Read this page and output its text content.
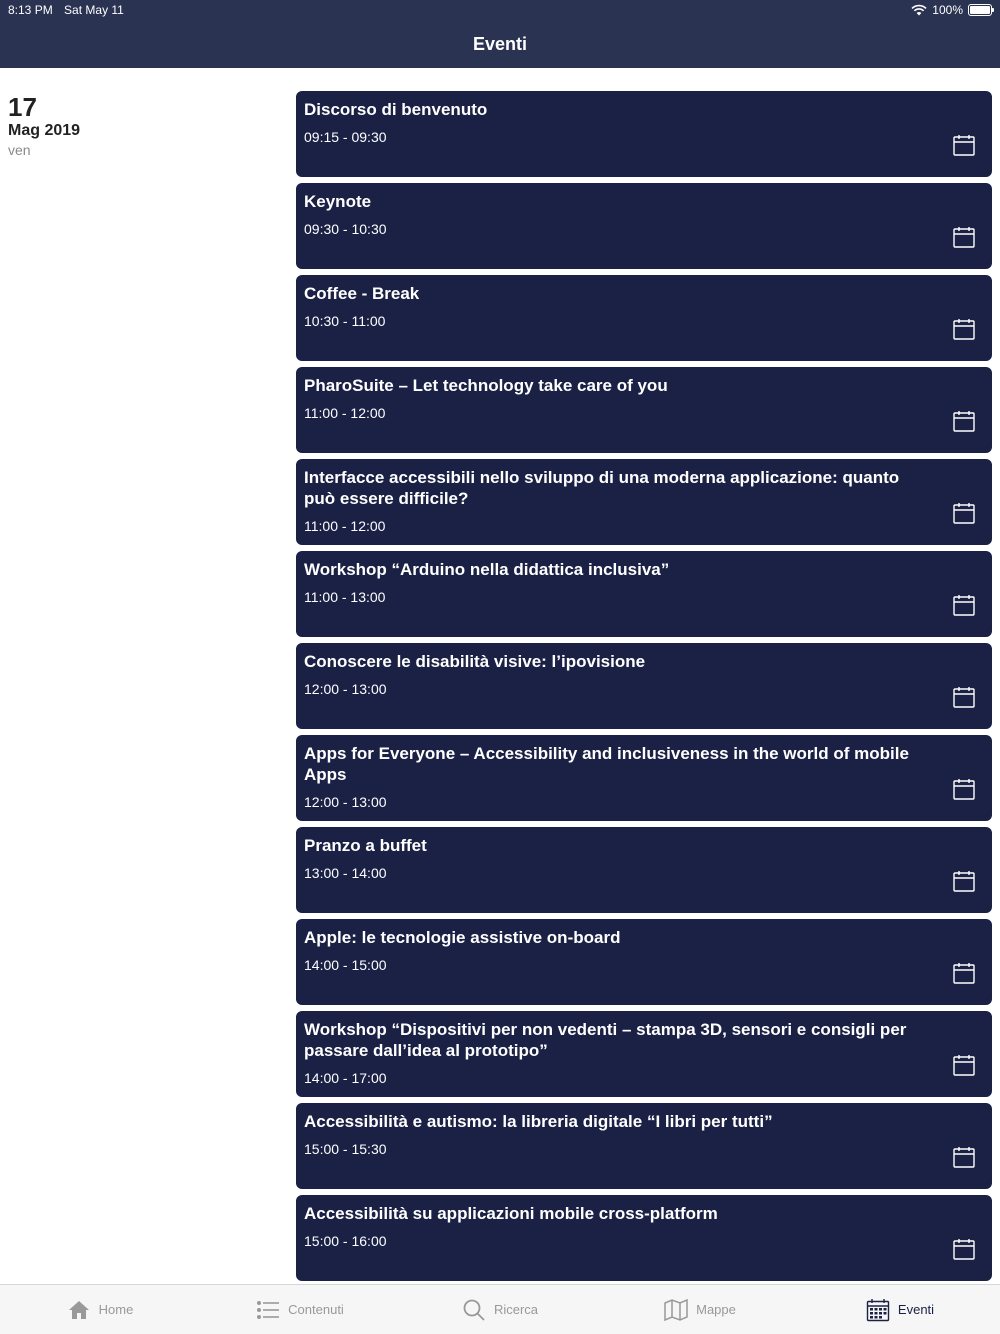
8:13 PM Sat May 11	100%
Eventi
17
Mag 2019
ven
Discorso di benvenuto
09:15 - 09:30
Keynote
09:30 - 10:30
Coffee - Break
10:30 - 11:00
PharoSuite – Let technology take care of you
11:00 - 12:00
Interfacce accessibili nello sviluppo di una moderna applicazione: quanto può essere difficile?
11:00 - 12:00
Workshop “Arduino nella didattica inclusiva”
11:00 - 13:00
Conoscere le disabilità visive: l’ipovisione
12:00 - 13:00
Apps for Everyone – Accessibility and inclusiveness in the world of mobile Apps
12:00 - 13:00
Pranzo a buffet
13:00 - 14:00
Apple: le tecnologie assistive on-board
14:00 - 15:00
Workshop “Dispositivi per non vedenti – stampa 3D, sensori e consigli per passare dall’idea al prototipo”
14:00 - 17:00
Accessibilità e autismo: la libreria digitale “I libri per tutti”
15:00 - 15:30
Accessibilità su applicazioni mobile cross-platform
15:00 - 16:00
Home	Contenuti	Ricerca	Mappe	Eventi
